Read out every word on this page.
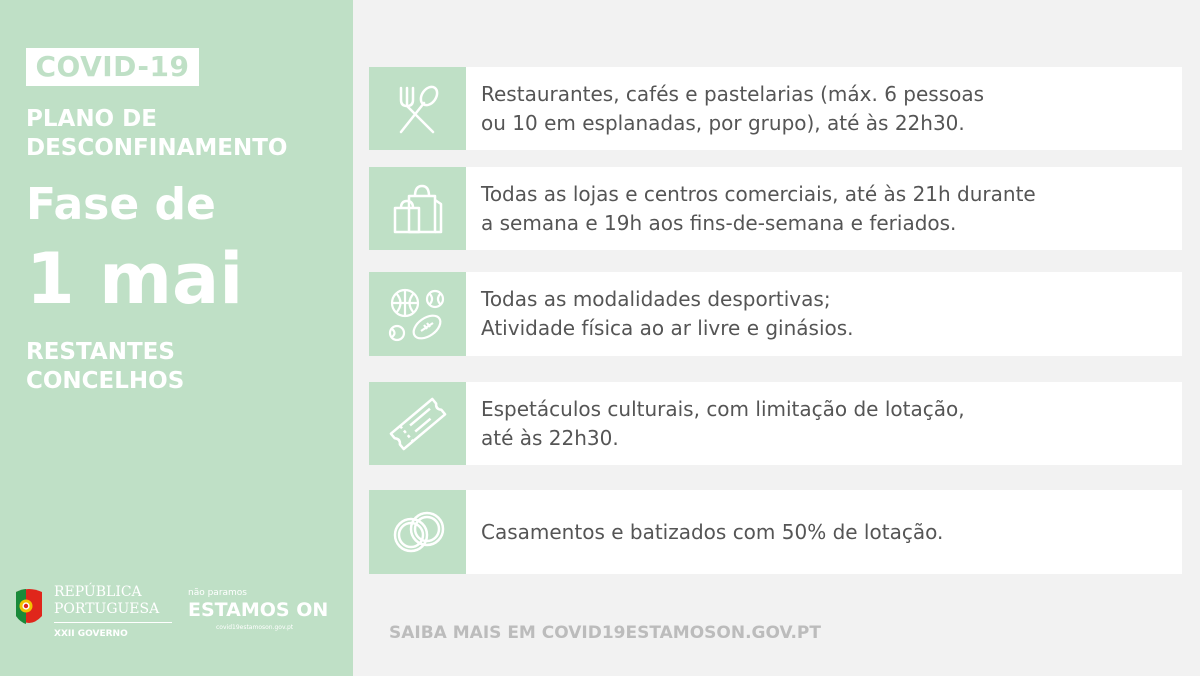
COVID-19
PLANO DE
DESCONFINAMENTO
Fase de
1 mai
RESTANTES
CONCELHOS
REPÚBLICA
PORTUGUESA
XXII GOVERNO
não paramos
ESTAMOS ON
covid19estamoson.gov.pt
Restaurantes, cafés e pastelarias (máx. 6 pessoas
ou 10 em esplanadas, por grupo), até às 22h30.
Todas as lojas e centros comerciais, até às 21h durante
a semana e 19h aos fins-de-semana e feriados.
Todas as modalidades desportivas;
Atividade física ao ar livre e ginásios.
Espetáculos culturais, com limitação de lotação,
até às 22h30.
Casamentos e batizados com 50% de lotação.
SAIBA MAIS EM COVID19ESTAMOSON.GOV.PT
